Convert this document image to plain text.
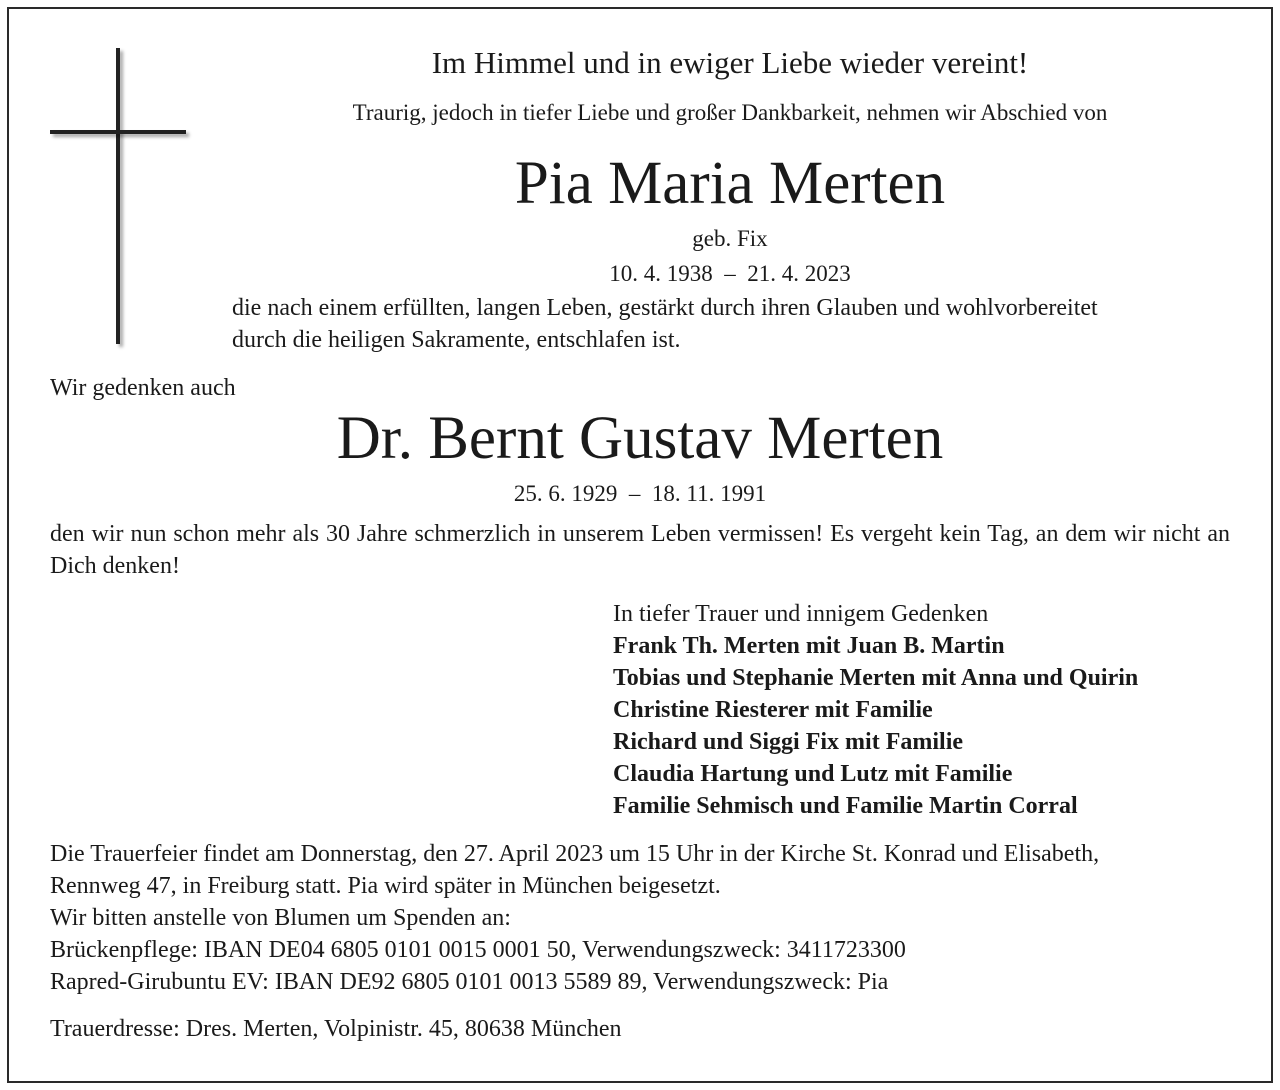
Im Himmel und in ewiger Liebe wieder vereint!
Traurig, jedoch in tiefer Liebe und großer Dankbarkeit, nehmen wir Abschied von
Pia Maria Merten
geb. Fix
10. 4. 1938  –  21. 4. 2023
die nach einem erfüllten, langen Leben, gestärkt durch ihren Glauben und wohlvorbereitet
durch die heiligen Sakramente, entschlafen ist.
Wir gedenken auch
Dr. Bernt Gustav Merten
25. 6. 1929  –  18. 11. 1991
den wir nun schon mehr als 30 Jahre schmerzlich in unserem Leben vermissen! Es vergeht kein Tag, an dem wir nicht an Dich denken!
In tiefer Trauer und innigem Gedenken
Frank Th. Merten mit Juan B. Martin
Tobias und Stephanie Merten mit Anna und Quirin
Christine Riesterer mit Familie
Richard und Siggi Fix mit Familie
Claudia Hartung und Lutz mit Familie
Familie Sehmisch und Familie Martin Corral
Die Trauerfeier findet am Donnerstag, den 27. April 2023 um 15 Uhr in der Kirche St. Konrad und Elisabeth,
Rennweg 47, in Freiburg statt. Pia wird später in München beigesetzt.
Wir bitten anstelle von Blumen um Spenden an:
Brückenpflege: IBAN DE04 6805 0101 0015 0001 50, Verwendungszweck: 3411723300
Rapred-Girubuntu EV: IBAN DE92 6805 0101 0013 5589 89, Verwendungszweck: Pia
Trauerdresse: Dres. Merten, Volpinistr. 45, 80638 München
